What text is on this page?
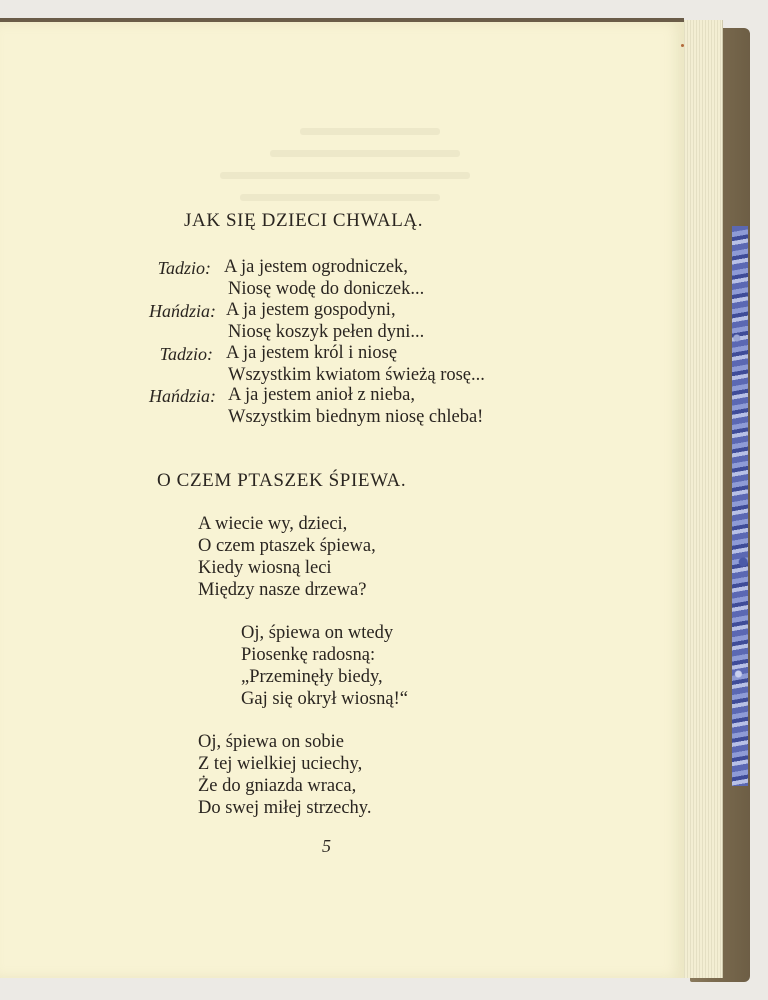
JAK SIĘ DZIECI CHWALĄ.
Tadzio: A ja jestem ogrodniczek,
Niosę wodę do doniczek...
Hańdzia: A ja jestem gospodyni,
Niosę koszyk pełen dyni...
Tadzio: A ja jestem król i niosę
Wszystkim kwiatom świeżą rosę...
Hańdzia: A ja jestem anioł z nieba,
Wszystkim biednym niosę chleba!
O CZEM PTASZEK ŚPIEWA.
A wiecie wy, dzieci,
O czem ptaszek śpiewa,
Kiedy wiosną leci
Między nasze drzewa?
Oj, śpiewa on wtedy
Piosenkę radosną:
„Przeminęły biedy,
Gaj się okrył wiosną!“
Oj, śpiewa on sobie
Z tej wielkiej uciechy,
Że do gniazda wraca,
Do swej miłej strzechy.
5
